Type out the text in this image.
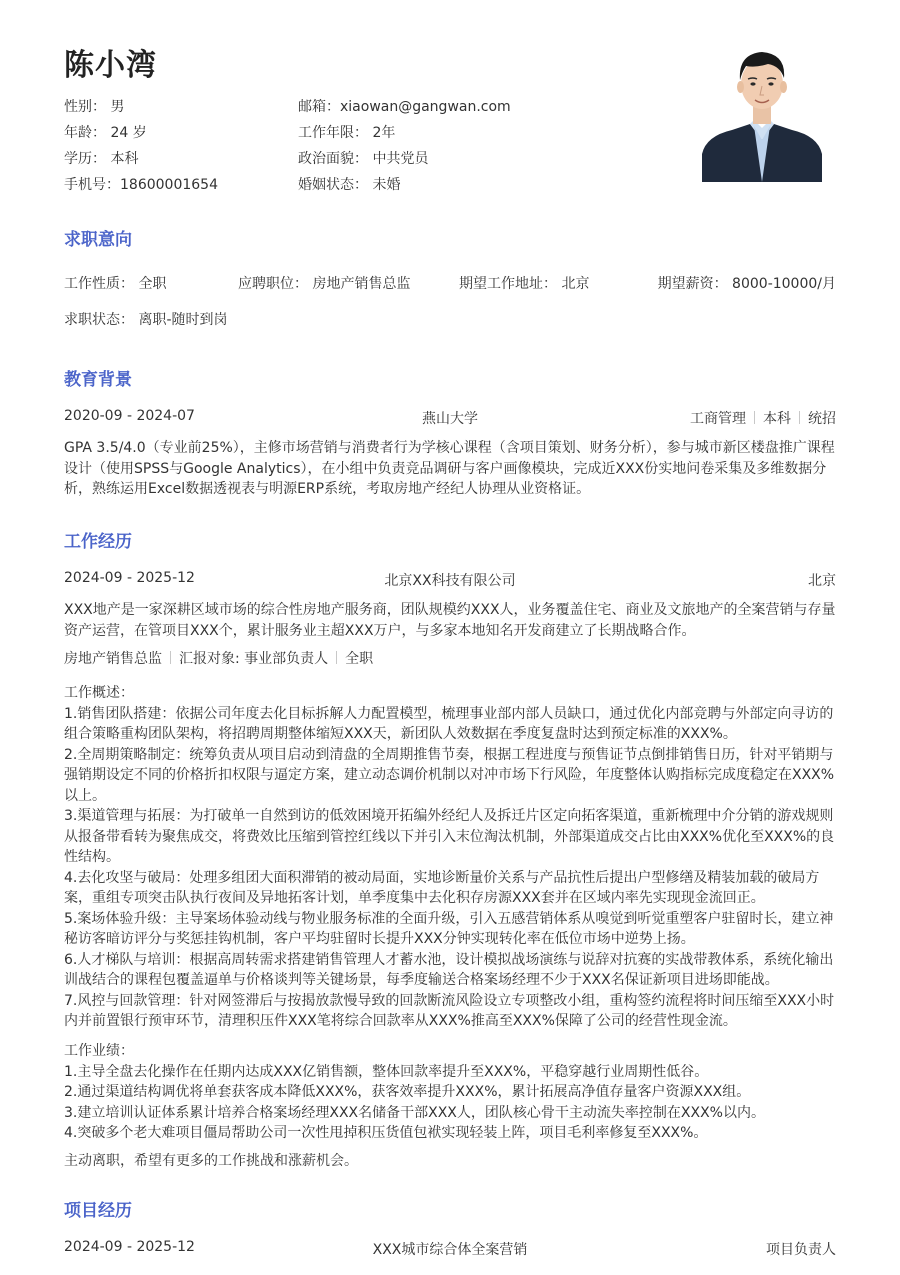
陈小湾
性别： 男	邮箱：xiaowan@gangwan.com
年龄： 24 岁	工作年限： 2年
学历： 本科	政治面貌： 中共党员
手机号：18600001654	婚姻状态： 未婚
求职意向
工作性质： 全职	应聘职位： 房地产销售总监	期望工作地址： 北京	期望薪资： 8000-10000/月
求职状态： 离职-随时到岗
教育背景
2020-09 - 2024-07	燕山大学	工商管理 本科 统招

GPA 3.5/4.0（专业前25%），主修市场营销与消费者行为学核心课程（含项目策划、财务分析），参与城市新区楼盘推广课程设计（使用SPSS与Google Analytics），在小组中负责竞品调研与客户画像模块，完成近XXX份实地问卷采集及多维数据分析，熟练运用Excel数据透视表与明源ERP系统，考取房地产经纪人协理从业资格证。

工作经历
2024-09 - 2025-12	北京XX科技有限公司	北京

XXX地产是一家深耕区域市场的综合性房地产服务商，团队规模约XXX人，业务覆盖住宅、商业及文旅地产的全案营销与存量资产运营，在管项目XXX个，累计服务业主超XXX万户，与多家本地知名开发商建立了长期战略合作。

房地产销售总监 汇报对象: 事业部负责人 全职

工作概述：

1.销售团队搭建：依据公司年度去化目标拆解人力配置模型，梳理事业部内部人员缺口，通过优化内部竞聘与外部定向寻访的组合策略重构团队架构，将招聘周期整体缩短XXX天，新团队人效数据在季度复盘时达到预定标准的XXX%。

2.全周期策略制定：统筹负责从项目启动到清盘的全周期推售节奏，根据工程进度与预售证节点倒排销售日历，针对平销期与强销期设定不同的价格折扣权限与逼定方案，建立动态调价机制以对冲市场下行风险，年度整体认购指标完成度稳定在XXX%以上。

3.渠道管理与拓展：为打破单一自然到访的低效困境开拓编外经纪人及拆迁片区定向拓客渠道，重新梳理中介分销的游戏规则从报备带看转为聚焦成交，将费效比压缩到管控红线以下并引入末位淘汰机制，外部渠道成交占比由XXX%优化至XXX%的良性结构。

4.去化攻坚与破局：处理多组团大面积滞销的被动局面，实地诊断量价关系与产品抗性后提出户型修缮及精装加载的破局方案，重组专项突击队执行夜间及异地拓客计划，单季度集中去化积存房源XXX套并在区域内率先实现现金流回正。

5.案场体验升级：主导案场体验动线与物业服务标准的全面升级，引入五感营销体系从嗅觉到听觉重塑客户驻留时长，建立神秘访客暗访评分与奖惩挂钩机制，客户平均驻留时长提升XXX分钟实现转化率在低位市场中逆势上扬。

6.人才梯队与培训：根据高周转需求搭建销售管理人才蓄水池，设计模拟战场演练与说辞对抗赛的实战带教体系，系统化输出训战结合的课程包覆盖逼单与价格谈判等关键场景，每季度输送合格案场经理不少于XXX名保证新项目进场即能战。

7.风控与回款管理：针对网签滞后与按揭放款慢导致的回款断流风险设立专项整改小组，重构签约流程将时间压缩至XXX小时内并前置银行预审环节，清理积压件XXX笔将综合回款率从XXX%推高至XXX%保障了公司的经营性现金流。

工作业绩：

1.主导全盘去化操作在任期内达成XXX亿销售额，整体回款率提升至XXX%，平稳穿越行业周期性低谷。

2.通过渠道结构调优将单套获客成本降低XXX%，获客效率提升XXX%，累计拓展高净值存量客户资源XXX组。

3.建立培训认证体系累计培养合格案场经理XXX名储备干部XXX人，团队核心骨干主动流失率控制在XXX%以内。

4.突破多个老大难项目僵局帮助公司一次性甩掉积压货值包袱实现轻装上阵，项目毛利率修复至XXX%。

主动离职，希望有更多的工作挑战和涨薪机会。
项目经历
2024-09 - 2025-12	XXX城市综合体全案营销	项目负责人
